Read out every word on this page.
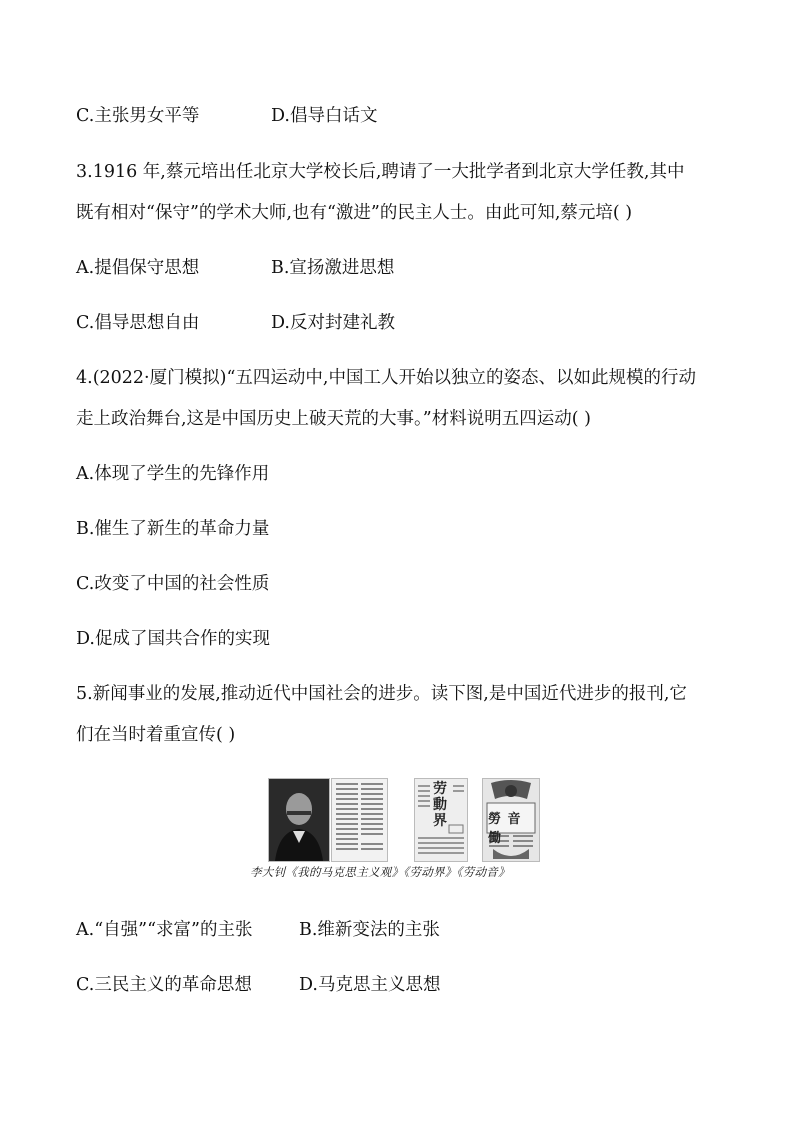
C.主张男女平等	D.倡导白话文
3.1916 年,蔡元培出任北京大学校长后,聘请了一大批学者到北京大学任教,其中
既有相对“保守”的学术大师,也有“激进”的民主人士。由此可知,蔡元培( )
A.提倡保守思想	B.宣扬激进思想
C.倡导思想自由	D.反对封建礼教
4.(2022·厦门模拟)“五四运动中,中国工人开始以独立的姿态、以如此规模的行动
走上政治舞台,这是中国历史上破天荒的大事。”材料说明五四运动( )
A.体现了学生的先锋作用
B.催生了新生的革命力量
C.改变了中国的社会性质
D.促成了国共合作的实现
5.新闻事业的发展,推动近代中国社会的进步。读下图,是中国近代进步的报刊,它
们在当时着重宣传( )
劳動界	勞 音 働
李大钊《我的马克思主义观》《劳动界》《劳动音》
A.“自强”“求富”的主张	B.维新变法的主张
C.三民主义的革命思想	D.马克思主义思想
